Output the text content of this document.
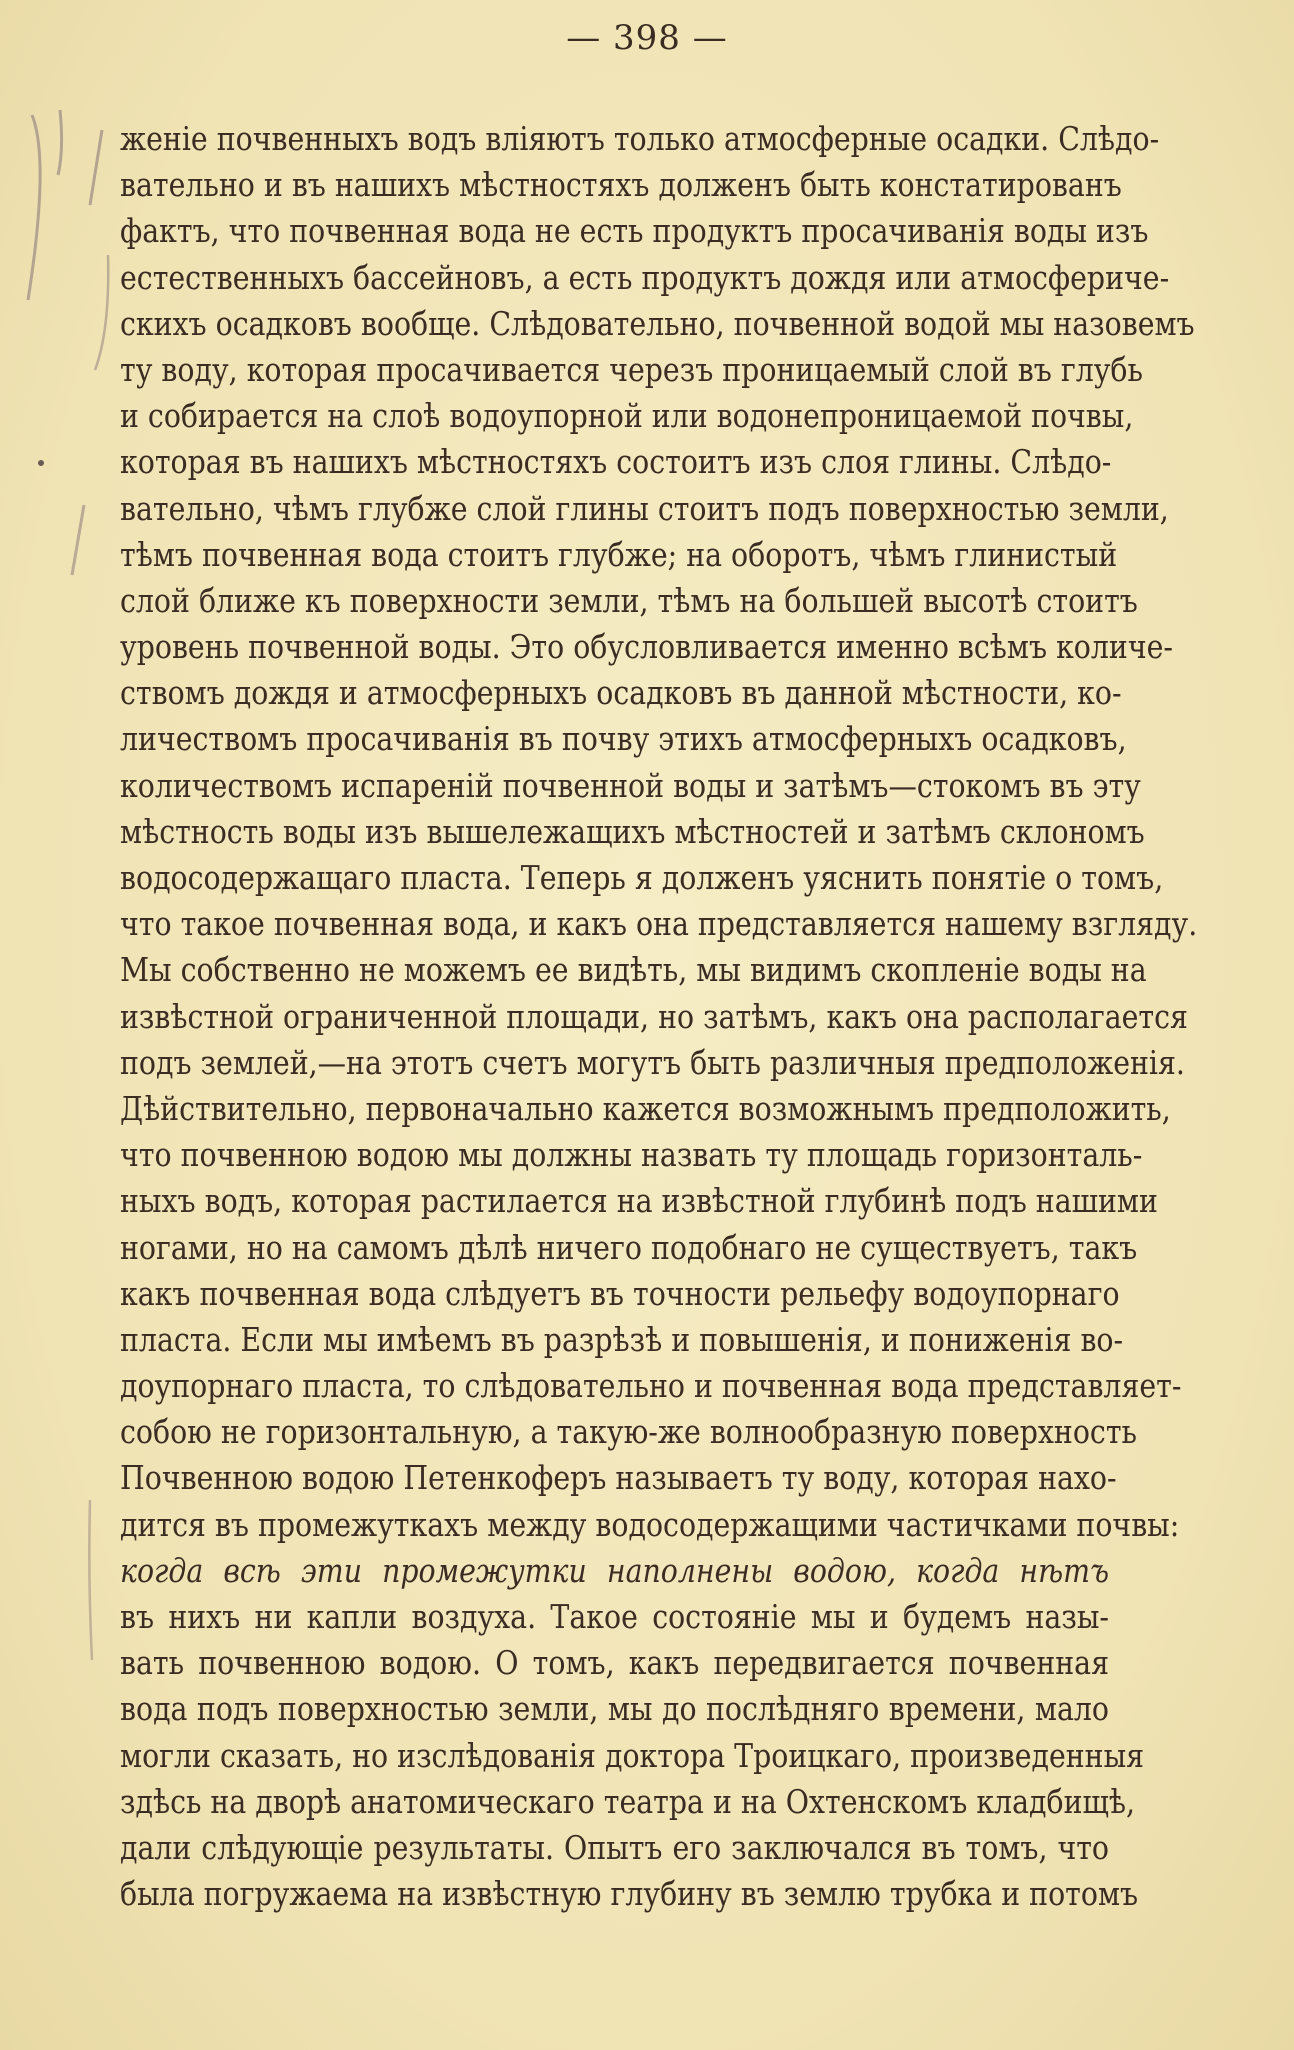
— 398 —
женіе почвенныхъ водъ вліяютъ только атмосферные осадки. Слѣдо-
вательно и въ нашихъ мѣстностяхъ долженъ быть констатированъ
фактъ, что почвенная вода не есть продуктъ просачиванія воды изъ
естественныхъ бассейновъ, а есть продуктъ дождя или атмосфериче-
скихъ осадковъ вообще. Слѣдовательно, почвенной водой мы назовемъ
ту воду, которая просачивается черезъ проницаемый слой въ глубь
и собирается на слоѣ водоупорной или водонепроницаемой почвы,
которая въ нашихъ мѣстностяхъ состоитъ изъ слоя глины. Слѣдо-
вательно, чѣмъ глубже слой глины стоитъ подъ поверхностью земли,
тѣмъ почвенная вода стоитъ глубже; на оборотъ, чѣмъ глинистый
слой ближе къ поверхности земли, тѣмъ на большей высотѣ стоитъ
уровень почвенной воды. Это обусловливается именно всѣмъ количе-
ствомъ дождя и атмосферныхъ осадковъ въ данной мѣстности, ко-
личествомъ просачиванія въ почву этихъ атмосферныхъ осадковъ,
количествомъ испареній почвенной воды и затѣмъ—стокомъ въ эту
мѣстность воды изъ вышележащихъ мѣстностей и затѣмъ склономъ
водосодержащаго пласта. Теперь я долженъ уяснить понятіе о томъ,
что такое почвенная вода, и какъ она представляется нашему взгляду.
Мы собственно не можемъ ее видѣть, мы видимъ скопленіе воды на
извѣстной ограниченной площади, но затѣмъ, какъ она располагается
подъ землей,—на этотъ счетъ могутъ быть различныя предположенія.
Дѣйствительно, первоначально кажется возможнымъ предположить,
что почвенною водою мы должны назвать ту площадь горизонталь-
ныхъ водъ, которая растилается на извѣстной глубинѣ подъ нашими
ногами, но на самомъ дѣлѣ ничего подобнаго не существуетъ, такъ
какъ почвенная вода слѣдуетъ въ точности рельефу водоупорнаго
пласта. Если мы имѣемъ въ разрѣзѣ и повышенія, и пониженія во-
доупорнаго пласта, то слѣдовательно и почвенная вода представляет-
собою не горизонтальную, а такую-же волнообразную поверхность
Почвенною водою Петенкоферъ называетъ ту воду, которая нахо-
дится въ промежуткахъ между водосодержащими частичками почвы:
когда всѣ эти промежутки наполнены водою, когда нѣтъ
въ нихъ ни капли воздуха. Такое состояніе мы и будемъ назы-
вать почвенною водою. О томъ, какъ передвигается почвенная
вода подъ поверхностью земли, мы до послѣдняго времени, мало
могли сказать, но изслѣдованія доктора Троицкаго, произведенныя
здѣсь на дворѣ анатомическаго театра и на Охтенскомъ кладбищѣ,
дали слѣдующіе результаты. Опытъ его заключался въ томъ, что
была погружаема на извѣстную глубину въ землю трубка и потомъ
